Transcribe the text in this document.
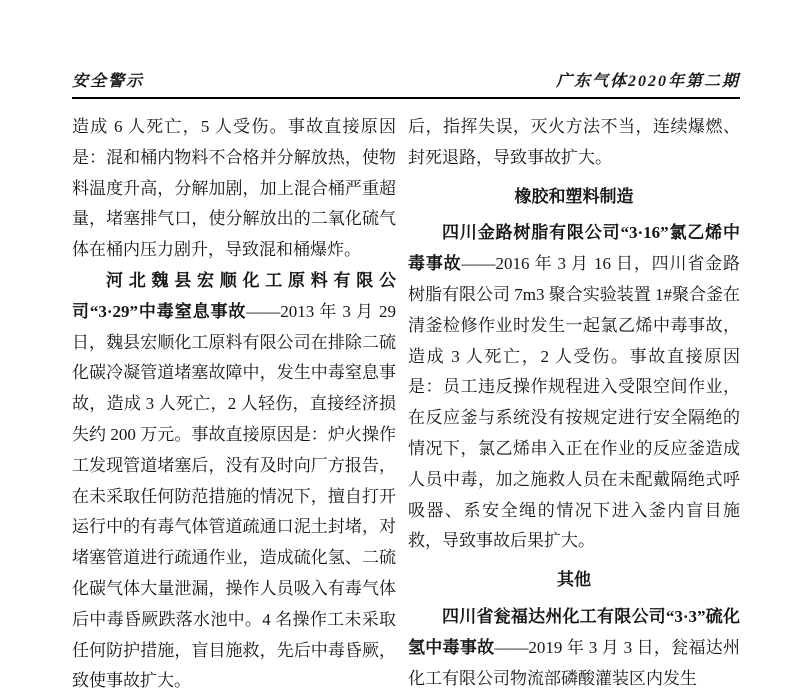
安全警示	广东气体2020年第二期

造成 6 人死亡，5 人受伤。事故直接原因是：混和桶内物料不合格并分解放热，使物料温度升高，分解加剧，加上混合桶严重超量，堵塞排气口，使分解放出的二氧化硫气体在桶内压力剧升，导致混和桶爆炸。

河北魏县宏顺化工原料有限公司“3·29”中毒窒息事故——2013 年 3 月 29 日，魏县宏顺化工原料有限公司在排除二硫化碳冷凝管道堵塞故障中，发生中毒窒息事故，造成 3 人死亡，2 人轻伤，直接经济损失约 200 万元。事故直接原因是：炉火操作工发现管道堵塞后，没有及时向厂方报告，在未采取任何防范措施的情况下，擅自打开运行中的有毒气体管道疏通口泥土封堵，对堵塞管道进行疏通作业，造成硫化氢、二硫化碳气体大量泄漏，操作人员吸入有毒气体后中毒昏厥跌落水池中。4 名操作工未采取任何防护措施，盲目施救，先后中毒昏厥，致使事故扩大。

后，指挥失误，灭火方法不当，连续爆燃、封死退路，导致事故扩大。

橡胶和塑料制造

四川金路树脂有限公司“3·16”氯乙烯中毒事故——2016 年 3 月 16 日，四川省金路树脂有限公司 7m3 聚合实验装置 1#聚合釜在清釜检修作业时发生一起氯乙烯中毒事故，造成 3 人死亡，2 人受伤。事故直接原因是：员工违反操作规程进入受限空间作业，在反应釜与系统没有按规定进行安全隔绝的情况下，氯乙烯串入正在作业的反应釜造成人员中毒，加之施救人员在未配戴隔绝式呼吸器、系安全绳的情况下进入釜内盲目施救，导致事故后果扩大。

其他

四川省瓮福达州化工有限公司“3·3”硫化氢中毒事故——2019 年 3 月 3 日，瓮福达州化工有限公司物流部磷酸灌装区内发生
